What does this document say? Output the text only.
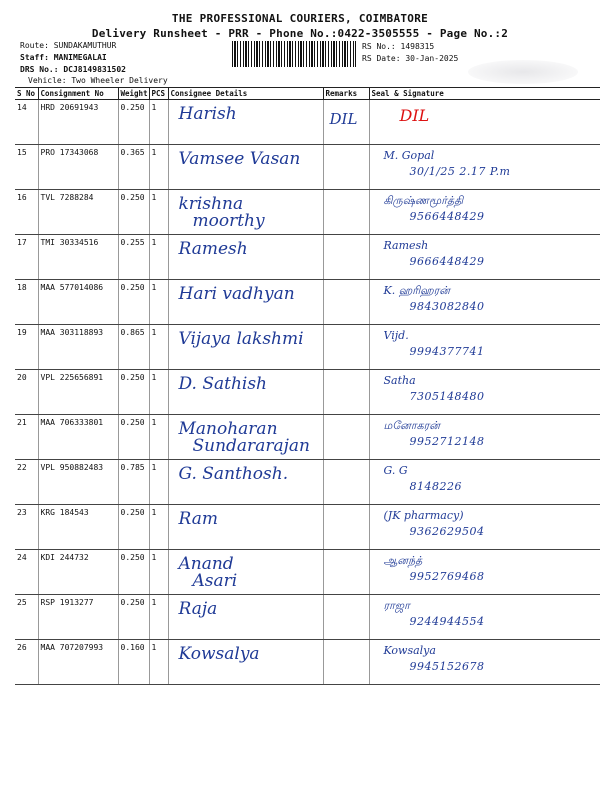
THE PROFESSIONAL COURIERS, COIMBATORE
Delivery Runsheet - PRR - Phone No.:0422-3505555 - Page No.:2
Route: SUNDAKAMUTHUR
Staff: MANIMEGALAI
DRS No.: DCJ8149831502
Vehicle: Two Wheeler Delivery
RS No.: 1498315
RS Date: 30-Jan-2025
S No	Consignment No	Weight	PCS	Consignee Details	Remarks	Seal & Signature
14	HRD 20691943	0.250	1	Harish	DIL	DIL

15	PRO 17343068	0.365	1	Vamsee Vasan		M. Gopal
30/1/25 2.17 P.m

16	TVL 7288284	0.250	1	krishna
moorthy		கிருஷ்ணமூர்த்தி
9566448429

17	TMI 30334516	0.255	1	Ramesh		Ramesh
9666448429

18	MAA 577014086	0.250	1	Hari vadhyan		K. ஹரிஹரன்
9843082840

19	MAA 303118893	0.865	1	Vijaya lakshmi		Vijd.
9994377741

20	VPL 225656891	0.250	1	D. Sathish		Satha
7305148480

21	MAA 706333801	0.250	1	Manoharan
Sundararajan		மனோகரன்
9952712148

22	VPL 950882483	0.785	1	G. Santhosh.		G. G
8148226

23	KRG 184543	0.250	1	Ram		(JK pharmacy)
9362629504

24	KDI 244732	0.250	1	Anand
Asari		ஆனந்த்
9952769468

25	RSP 1913277	0.250	1	Raja		ராஜா
9244944554

26	MAA 707207993	0.160	1	Kowsalya		Kowsalya
9945152678
